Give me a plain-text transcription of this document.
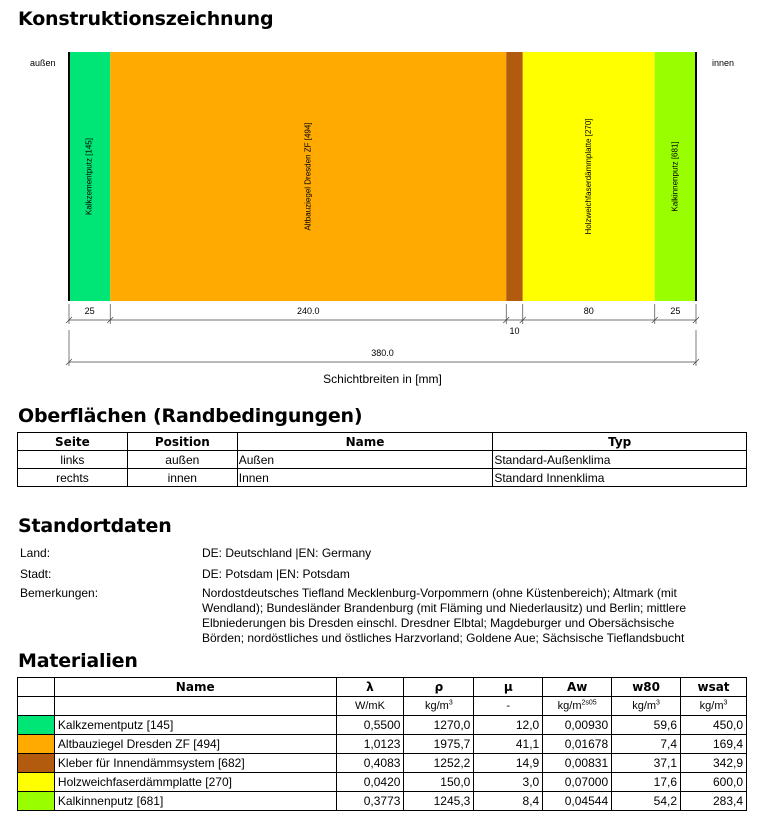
Konstruktionszeichnung
außen	innen
Kalkzementputz [145]	Altbauziegel Dresden ZF [494]	Holzweichfaserdämmplatte [270]	Kalkinnenputz [681]
25	240.0
10
80	25
380.0
Schichtbreiten in [mm]
Oberflächen (Randbedingungen)
Seite	Position	Name	Typ
links	außen	Außen	Standard-Außenklima
rechts	innen	Innen	Standard Innenklima
Standortdaten
Land:	DE: Deutschland |EN: Germany
Stadt:	DE: Potsdam |EN: Potsdam
Bemerkungen:	Nordostdeutsches Tiefland Mecklenburg-Vorpommern (ohne Küstenbereich); Altmark (mit Wendland); Bundesländer Brandenburg (mit Fläming und Niederlausitz) und Berlin; mittlere Elbniederungen bis Dresden einschl. Dresdner Elbtal; Magdeburger und Obersächsische Börden; nordöstliches und östliches Harzvorland; Goldene Aue; Sächsische Tieflandsbucht
Materialien
	Name	λ	ρ	μ	Aw	w80	wsat
		W/mK	$kg/m^3$	-	$kg/m^{2s05}$	$kg/m^3$	$kg/m^3$
	Kalkzementputz [145]	0,5500	1270,0	12,0	0,00930	59,6	450,0
	Altbauziegel Dresden ZF [494]	1,0123	1975,7	41,1	0,01678	7,4	169,4
	Kleber für Innendämmsystem [682]	0,4083	1252,2	14,9	0,00831	37,1	342,9
	Holzweichfaserdämmplatte [270]	0,0420	150,0	3,0	0,07000	17,6	600,0
	Kalkinnenputz [681]	0,3773	1245,3	8,4	0,04544	54,2	283,4
